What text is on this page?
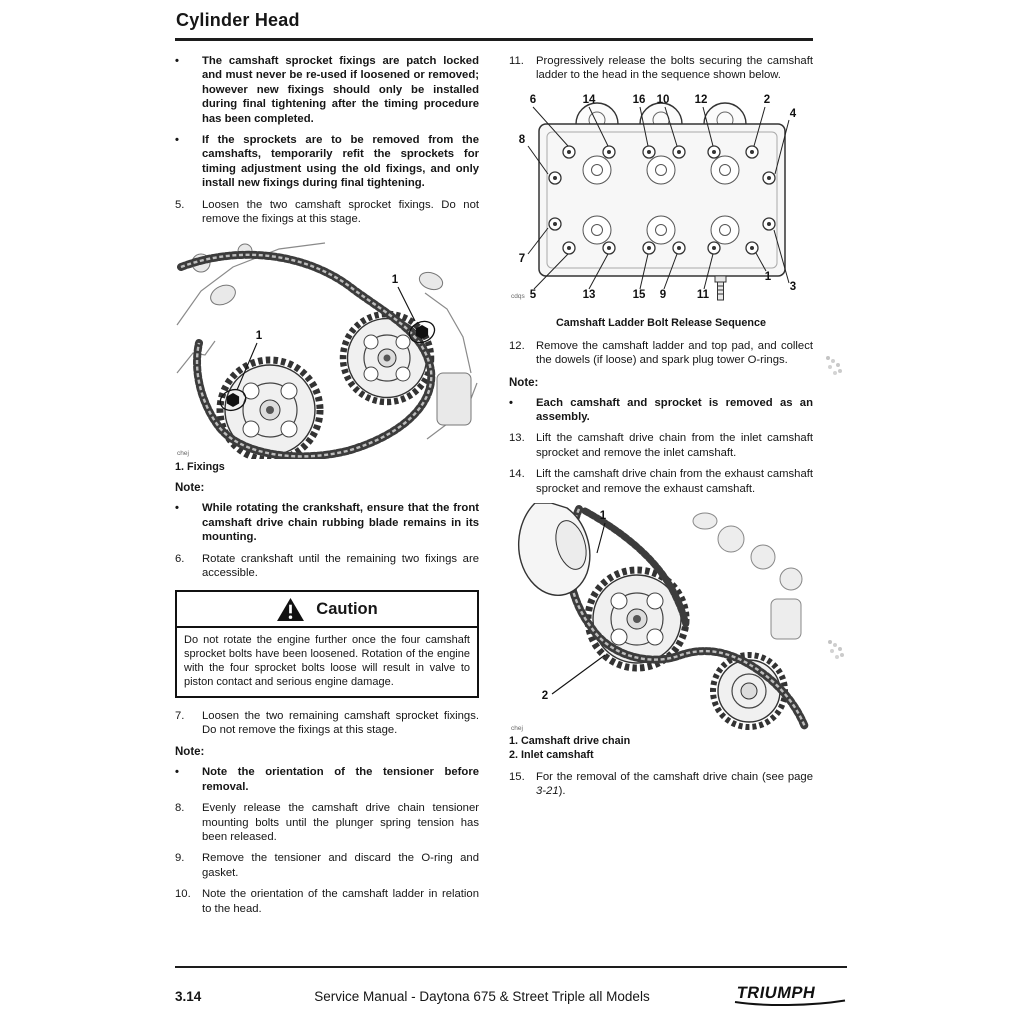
Cylinder Head
•	The camshaft sprocket fixings are patch locked and must never be re-used if loosened or removed; however new fixings should only be installed during final tightening after the timing procedure has been completed.
•	If the sprockets are to be removed from the camshafts, temporarily refit the sprockets for timing adjustment using the old fixings, and only install new fixings during final tightening.
5.	Loosen the two camshaft sprocket fixings. Do not remove the fixings at this stage.
1
1
chej
1. Fixings
Note:
•	While rotating the crankshaft, ensure that the front camshaft drive chain rubbing blade remains in its mounting.
6.	Rotate crankshaft until the remaining two fixings are accessible.
Caution
Do not rotate the engine further once the four camshaft sprocket bolts have been loosened. Rotation of the engine with the four sprocket bolts loose will result in valve to piston contact and serious engine damage.
7.	Loosen the two remaining camshaft sprocket fixings. Do not remove the fixings at this stage.
Note:
•	Note the orientation of the tensioner before removal.
8.	Evenly release the camshaft drive chain tensioner mounting bolts until the plunger spring tension has been released.
9.	Remove the tensioner and discard the O-ring and gasket.
10. Note the orientation of the camshaft ladder in relation to the head.
11.	Progressively release the bolts securing the camshaft ladder to the head in the sequence shown below.
6	14	16 10 12	2
4
8
7
5	13	15 9	11
1
3
cdqs
Camshaft Ladder Bolt Release Sequence
12. Remove the camshaft ladder and top pad, and collect the dowels (if loose) and spark plug tower O-rings.
Note:
•	Each camshaft and sprocket is removed as an assembly.
13. Lift the camshaft drive chain from the inlet camshaft sprocket and remove the inlet camshaft.
14. Lift the camshaft drive chain from the exhaust camshaft sprocket and remove the exhaust camshaft.
1
2
chej
1. Camshaft drive chain
2. Inlet camshaft
15. For the removal of the camshaft drive chain (see page 3-21).
3.14	Service Manual - Daytona 675 & Street Triple all Models	TRIUMPH
